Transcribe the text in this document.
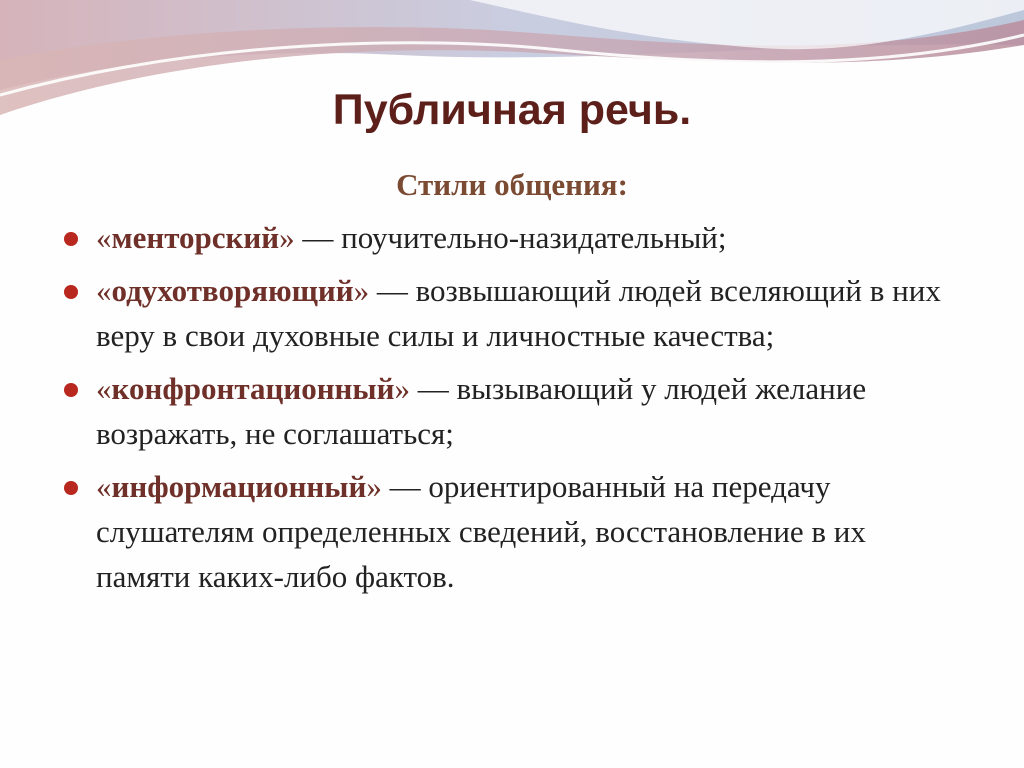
Публичная речь.
Стили общения:
«менторский» — поучительно-назидательный;
«одухотворяющий» — возвышающий людей вселяющий в них веру в свои духовные силы и личностные качества;
«конфронтационный» — вызывающий у людей желание возражать, не соглашаться;
«информационный» — ориентированный на передачу слушателям определенных сведений, восстановление в их памяти каких-либо фактов.
